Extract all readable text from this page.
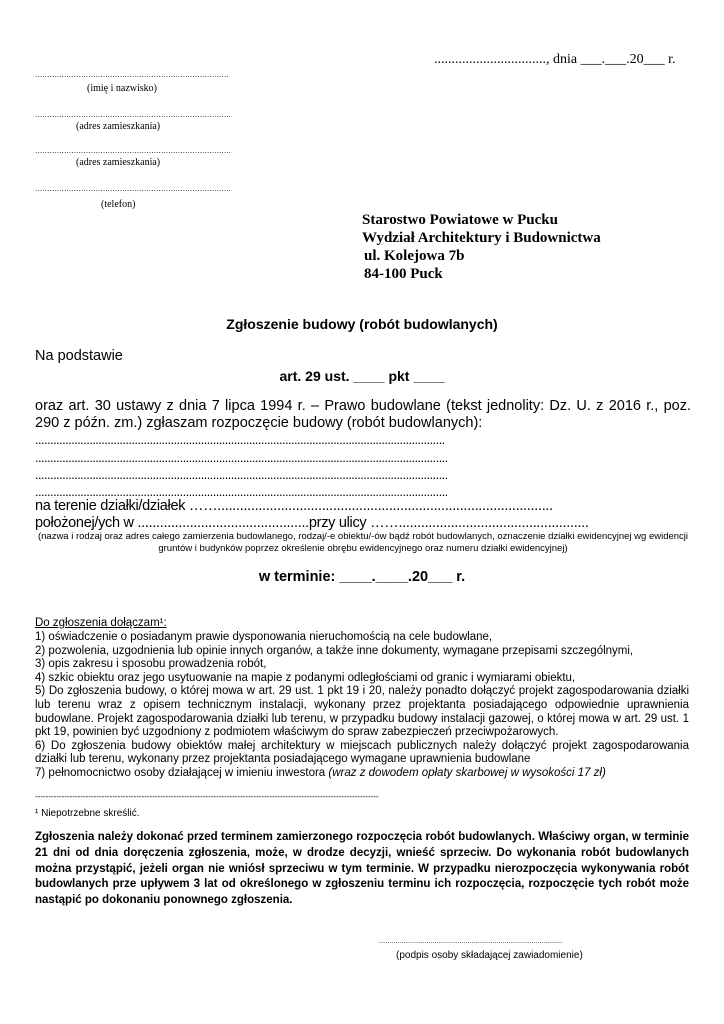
................................, dnia ___.___.20___ r.
................................................................................
(imię i nazwisko)
.................................................................................
(adres zamieszkania)
.................................................................................
(adres zamieszkania)
.................................................................................
(telefon)
Starostwo Powiatowe w Pucku
Wydział Architektury i Budownictwa
ul. Kolejowa 7b
84-100 Puck
Zgłoszenie budowy (robót budowlanych)
Na podstawie
art. 29 ust. ____ pkt ____
oraz art. 30 ustawy z dnia 7 lipca 1994 r. – Prawo budowlane (tekst jednolity: Dz. U. z 2016 r., poz. 290 z późn. zm.) zgłaszam rozpoczęcie budowy (robót budowlanych):
........................................................................................................................................
.........................................................................................................................................
.........................................................................................................................................
.........................................................................................................................................
na terenie działki/działek ……..........................................................................................
położonej/ych w ..............................................przy ulicy ……...................................................
(nazwa i rodzaj oraz adres całego zamierzenia budowlanego, rodzaj/-e obiektu/-ów bądź robót budowlanych, oznaczenie działki ewidencyjnej wg ewidencji gruntów i budynków poprzez określenie obrębu ewidencyjnego oraz numeru działki ewidencyjnej)
w terminie: ____.____.20___ r.
Do zgłoszenia dołączam¹:

1) oświadczenie o posiadanym prawie dysponowania nieruchomością na cele budowlane,

2) pozwolenia, uzgodnienia lub opinie innych organów, a także inne dokumenty, wymagane przepisami szczególnymi,

3) opis zakresu i sposobu prowadzenia robót,

4) szkic obiektu oraz jego usytuowanie na mapie z podanymi odległościami od granic i wymiarami obiektu,

5) Do zgłoszenia budowy, o której mowa w art. 29 ust. 1 pkt 19 i 20, należy ponadto dołączyć projekt zagospodarowania działki lub terenu wraz z opisem technicznym instalacji, wykonany przez projektanta posiadającego odpowiednie uprawnienia budowlane. Projekt zagospodarowania działki lub terenu, w przypadku budowy instalacji gazowej, o której mowa w art. 29 ust. 1 pkt 19, powinien być uzgodniony z podmiotem właściwym do spraw zabezpieczeń przeciwpożarowych.

6) Do zgłoszenia budowy obiektów małej architektury w miejscach publicznych należy dołączyć projekt zagospodarowania działki lub terenu, wykonany przez projektanta posiadającego wymagane uprawnienia budowlane

7) pełnomocnictwo osoby działającej w imieniu inwestora (wraz z dowodem opłaty skarbowej w wysokości 17 zł)

---------------------------------------------------------------------------------------------------------------------------------
¹ Niepotrzebne skreślić.
Zgłoszenia należy dokonać przed terminem zamierzonego rozpoczęcia robót budowlanych. Właściwy organ, w terminie 21 dni od dnia doręczenia zgłoszenia, może, w drodze decyzji, wnieść sprzeciw. Do wykonania robót budowlanych można przystąpić, jeżeli organ nie wniósł sprzeciwu w tym terminie. W przypadku nierozpoczęcia wykonywania robót budowlanych prze upływem 3 lat od określonego w zgłoszeniu terminu ich rozpoczęcia, rozpoczęcie tych robót może nastąpić po dokonaniu ponownego zgłoszenia.
...............................................................................................
(podpis osoby składającej zawiadomienie)
